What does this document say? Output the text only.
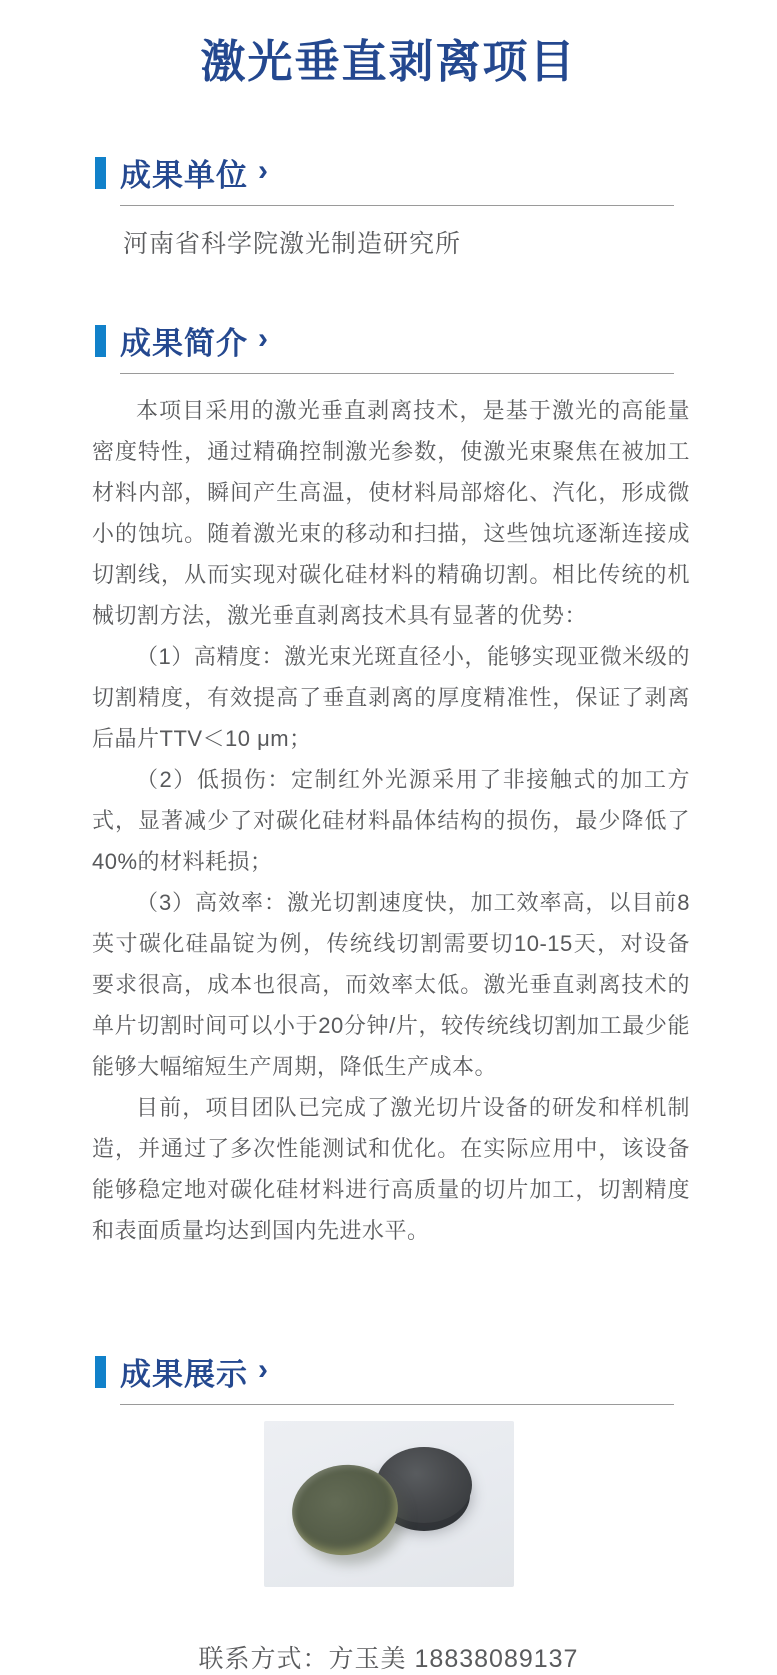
激光垂直剥离项目
成果单位 ›
河南省科学院激光制造研究所
成果简介 ›

本项目采用的激光垂直剥离技术，是基于激光的高能量密度特性，通过精确控制激光参数，使激光束聚焦在被加工材料内部，瞬间产生高温，使材料局部熔化、汽化，形成微小的蚀坑。随着激光束的移动和扫描，这些蚀坑逐渐连接成切割线，从而实现对碳化硅材料的精确切割。相比传统的机械切割方法，激光垂直剥离技术具有显著的优势：

（1）高精度：激光束光斑直径小，能够实现亚微米级的切割精度，有效提高了垂直剥离的厚度精准性，保证了剥离后晶片TTV＜10 μm；

（2）低损伤：定制红外光源采用了非接触式的加工方式，显著减少了对碳化硅材料晶体结构的损伤，最少降低了40%的材料耗损；

（3）高效率：激光切割速度快，加工效率高，以目前8英寸碳化硅晶锭为例，传统线切割需要切10-15天，对设备要求很高，成本也很高，而效率太低。激光垂直剥离技术的单片切割时间可以小于20分钟/片，较传统线切割加工最少能能够大幅缩短生产周期，降低生产成本。

目前，项目团队已完成了激光切片设备的研发和样机制造，并通过了多次性能测试和优化。在实际应用中，该设备能够稳定地对碳化硅材料进行高质量的切片加工，切割精度和表面质量均达到国内先进水平。

成果展示 ›
联系方式：方玉美 18838089137
